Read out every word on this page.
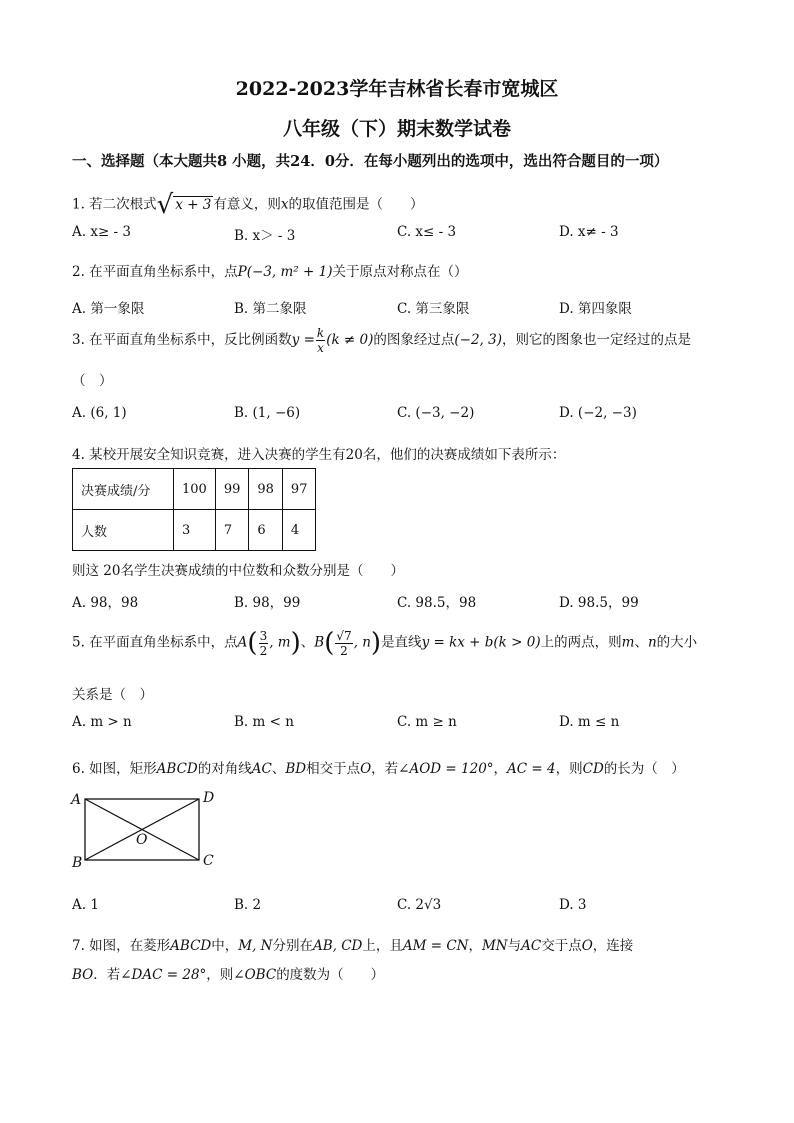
2022-2023学年吉林省长春市宽城区
八年级（下）期末数学试卷
一、选择题（本大题共8 小题，共24．0分．在每小题列出的选项中，选出符合题目的一项）
1. 若二次根式√ x + 3 有意义，则x的取值范围是（　　）
A. x≥ - 3	B. x＞ - 3	C. x≤ - 3	D. x≠ - 3
2. 在平面直角坐标系中，点P(−3, m² + 1)关于原点对称点在（）
A. 第一象限	B. 第二象限	C. 第三象限	D. 第四象限
3. 在平面直角坐标系中，反比例函数$y = \frac{k}{x} (k \ne 0)$的图象经过点(−2, 3)，则它的图象也一定经过的点是
（　）
A. (6, 1)	B. (1, −6)	C. (−3, −2)	D. (−2, −3)
4. 某校开展安全知识竞赛，进入决赛的学生有20名，他们的决赛成绩如下表所示：
决赛成绩/分	100	99	98	97
人数	3	7	6	4
则这 20名学生决赛成绩的中位数和众数分别是（　　）
A. 98，98	B. 98，99	C. 98.5，98	D. 98.5，99
5. 在平面直角坐标系中，点$A( \frac{3}{2}$ , m)、$B( \frac{√7}{2}$ , n)是直线y = kx + b(k > 0)上的两点，则m、n的大小
关系是（　）
A. m > n	B. m < n	C. m ≥ n	D. m ≤ n
6. 如图，矩形ABCD的对角线AC、BD相交于点O，若∠AOD = 120°，AC = 4，则CD的长为（　）
A	D
O
B	C
A. 1	B. 2	C. 2√3	D. 3
7. 如图，在菱形ABCD中，M, N分别在AB, CD上，且AM = CN，MN与AC交于点O，连接
BO．若∠DAC = 28°，则∠OBC的度数为（　　）
